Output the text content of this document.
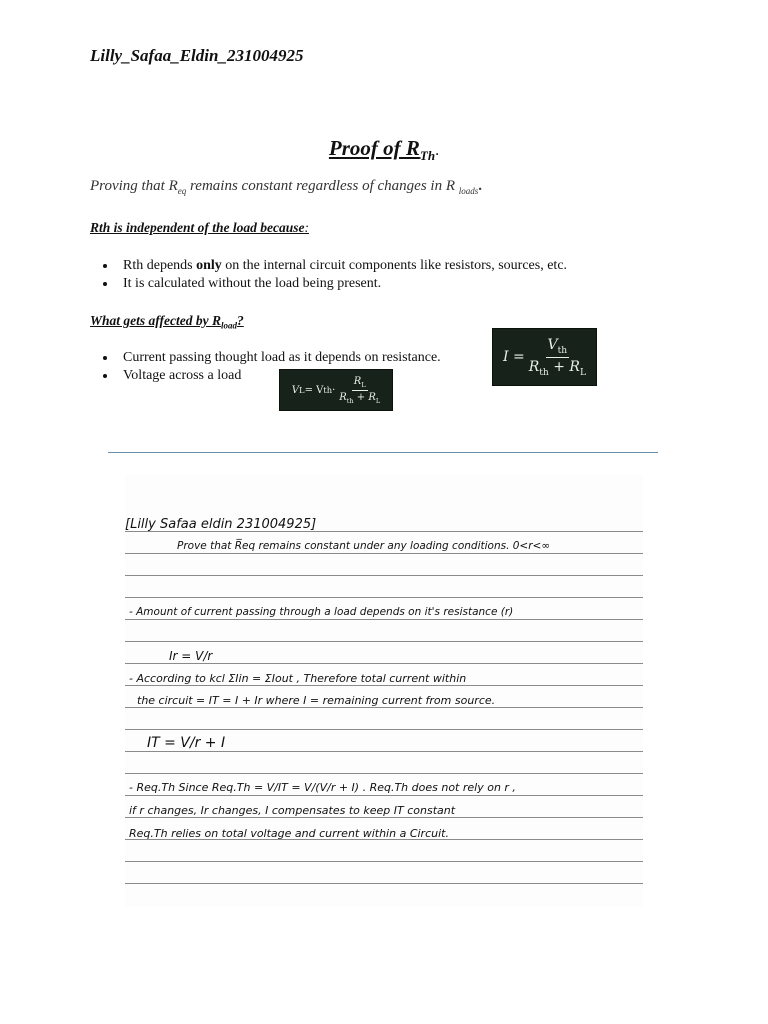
Lilly_Safaa_Eldin_231004925
Proof of $R_{Th}$.
Proving that $R_{eq}$ remains constant regardless of changes in R $_{loads}$.
Rth is independent of the load because:
• Rth depends only on the internal circuit components like resistors, sources, etc.
• It is calculated without the load being present.
What gets affected by $R_{load}$?
• Current passing thought load as it depends on resistance.
• Voltage across a load
$I = \frac{V_{th}}{R_{th} + R_L}$
V L = V th · $\frac{R_L}{R_{th} + R_L}$
[Lilly Safaa eldin 231004925]
Prove that R̅eq remains constant under any loading conditions. 0<r<∞
- Amount of current passing through a load depends on it's resistance (r)
Ir = V/r
- According to kcl ΣIin = ΣIout , Therefore total current within
the circuit = IT = I + Ir where I = remaining current from source.
IT = V/r + I
- Req.Th Since Req.Th = V/IT = V/(V/r + I) . Req.Th does not rely on r ,
if r changes, Ir changes, I compensates to keep IT constant
Req.Th relies on total voltage and current within a Circuit.
